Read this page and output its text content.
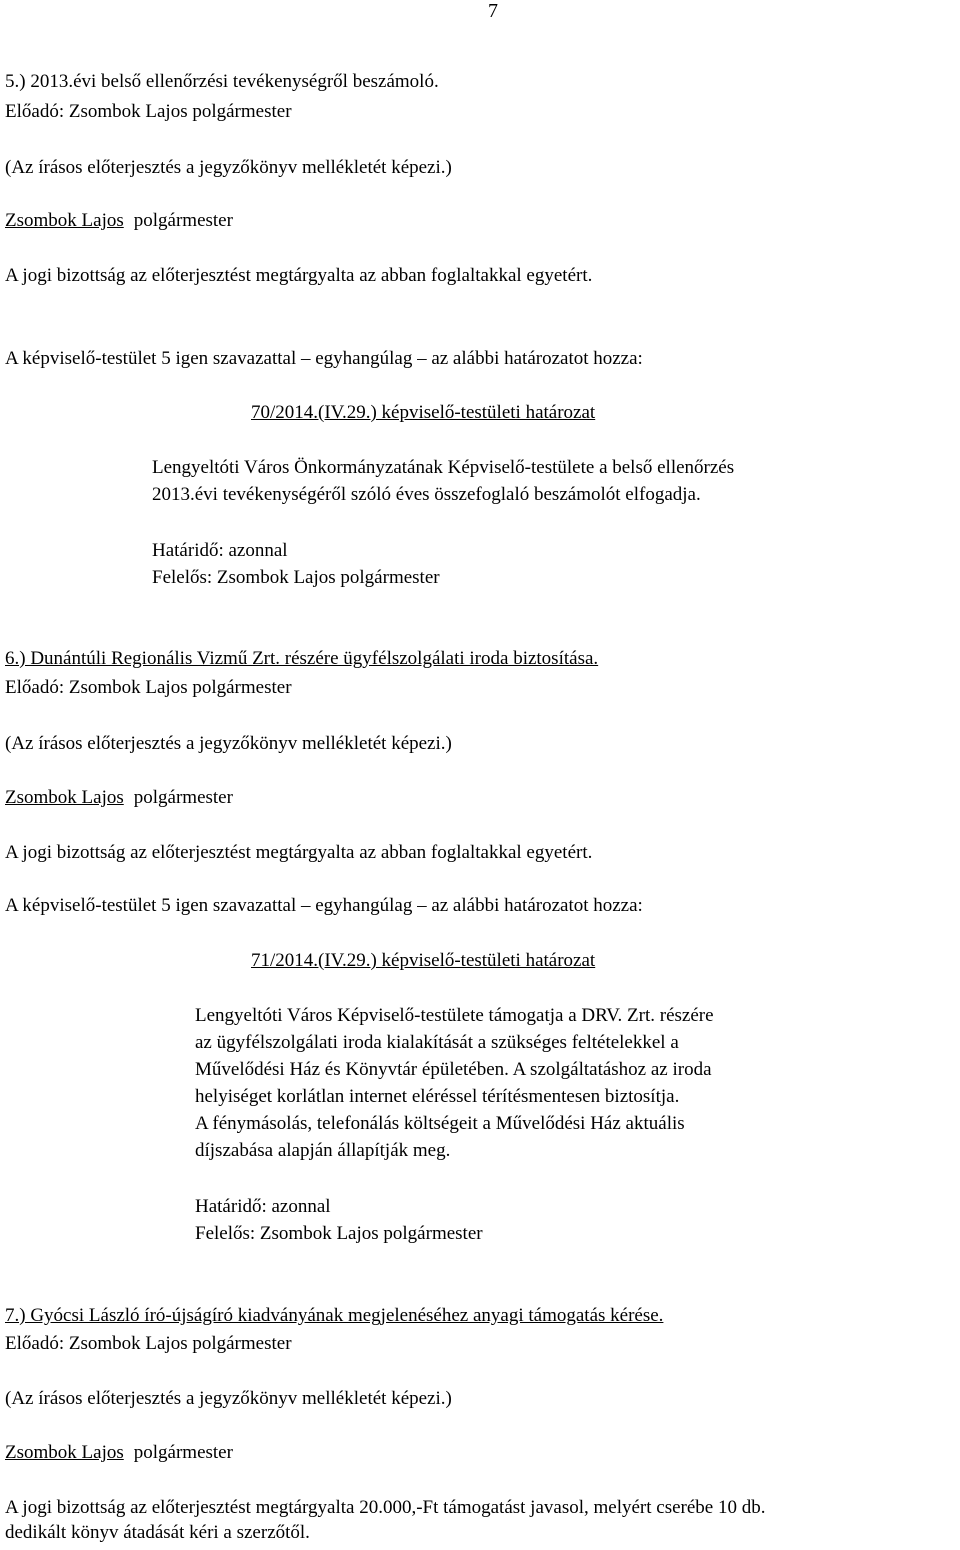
7
5.) 2013.évi belső ellenőrzési tevékenységről beszámoló.
Előadó: Zsombok Lajos polgármester
(Az írásos előterjesztés a jegyzőkönyv mellékletét képezi.)
Zsombok Lajos polgármester
A jogi bizottság az előterjesztést megtárgyalta az abban foglaltakkal egyetért.
A képviselő-testület 5 igen szavazattal – egyhangúlag – az alábbi határozatot hozza:
70/2014.(IV.29.) képviselő-testületi határozat
Lengyeltóti Város Önkormányzatának Képviselő-testülete a belső ellenőrzés
2013.évi tevékenységéről szóló éves összefoglaló beszámolót elfogadja.
Határidő: azonnal
Felelős: Zsombok Lajos polgármester
6.) Dunántúli Regionális Vizmű Zrt. részére ügyfélszolgálati iroda biztosítása.
Előadó: Zsombok Lajos polgármester
(Az írásos előterjesztés a jegyzőkönyv mellékletét képezi.)
Zsombok Lajos polgármester
A jogi bizottság az előterjesztést megtárgyalta az abban foglaltakkal egyetért.
A képviselő-testület 5 igen szavazattal – egyhangúlag – az alábbi határozatot hozza:
71/2014.(IV.29.) képviselő-testületi határozat
Lengyeltóti Város Képviselő-testülete támogatja a DRV. Zrt. részére
az ügyfélszolgálati iroda kialakítását a szükséges feltételekkel a
Művelődési Ház és Könyvtár épületében. A szolgáltatáshoz az iroda
helyiséget korlátlan internet eléréssel térítésmentesen biztosítja.
A fénymásolás, telefonálás költségeit a Művelődési Ház aktuális
díjszabása alapján állapítják meg.
Határidő: azonnal
Felelős: Zsombok Lajos polgármester
7.) Gyócsi László író-újságíró kiadványának megjelenéséhez anyagi támogatás kérése.
Előadó: Zsombok Lajos polgármester
(Az írásos előterjesztés a jegyzőkönyv mellékletét képezi.)
Zsombok Lajos polgármester
A jogi bizottság az előterjesztést megtárgyalta 20.000,-Ft támogatást javasol, melyért cserébe 10 db.
dedikált könyv átadását kéri a szerzőtől.
